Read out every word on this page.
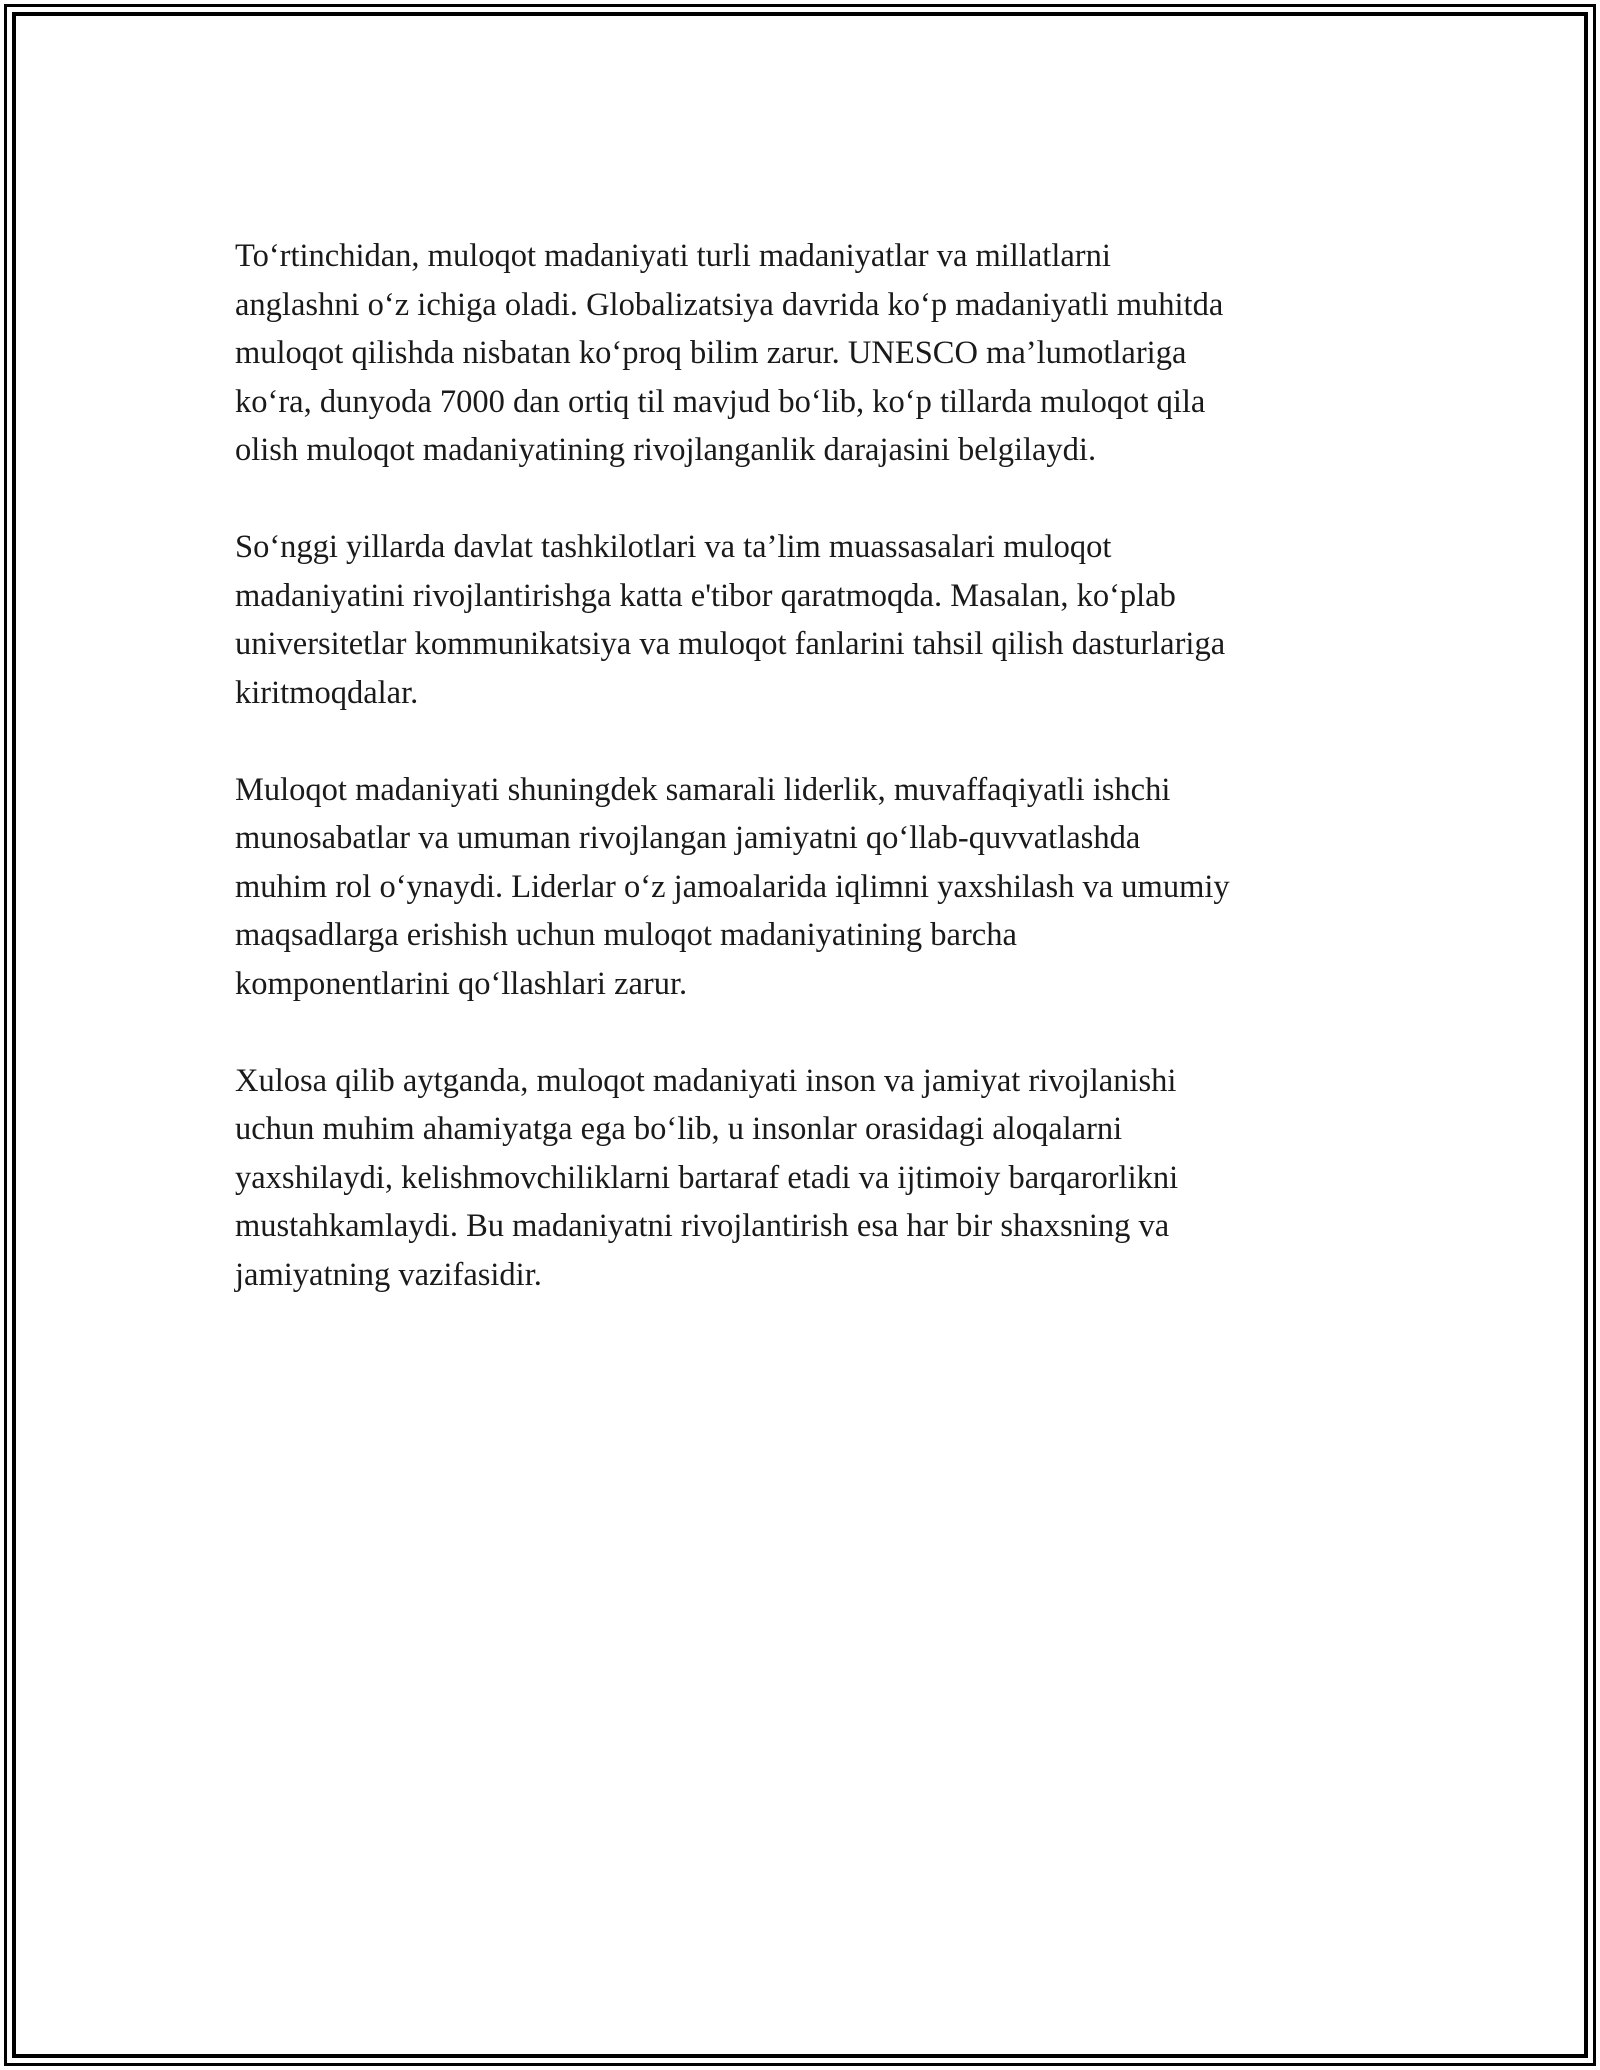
To‘rtinchidan, muloqot madaniyati turli madaniyatlar va millatlarni
anglashni o‘z ichiga oladi. Globalizatsiya davrida ko‘p madaniyatli muhitda
muloqot qilishda nisbatan ko‘proq bilim zarur. UNESCO ma’lumotlariga
ko‘ra, dunyoda 7000 dan ortiq til mavjud bo‘lib, ko‘p tillarda muloqot qila
olish muloqot madaniyatining rivojlanganlik darajasini belgilaydi.

So‘nggi yillarda davlat tashkilotlari va ta’lim muassasalari muloqot
madaniyatini rivojlantirishga katta e'tibor qaratmoqda. Masalan, ko‘plab
universitetlar kommunikatsiya va muloqot fanlarini tahsil qilish dasturlariga
kiritmoqdalar.

Muloqot madaniyati shuningdek samarali liderlik, muvaffaqiyatli ishchi
munosabatlar va umuman rivojlangan jamiyatni qo‘llab-quvvatlashda
muhim rol o‘ynaydi. Liderlar o‘z jamoalarida iqlimni yaxshilash va umumiy
maqsadlarga erishish uchun muloqot madaniyatining barcha
komponentlarini qo‘llashlari zarur.

Xulosa qilib aytganda, muloqot madaniyati inson va jamiyat rivojlanishi
uchun muhim ahamiyatga ega bo‘lib, u insonlar orasidagi aloqalarni
yaxshilaydi, kelishmovchiliklarni bartaraf etadi va ijtimoiy barqarorlikni
mustahkamlaydi. Bu madaniyatni rivojlantirish esa har bir shaxsning va
jamiyatning vazifasidir.
